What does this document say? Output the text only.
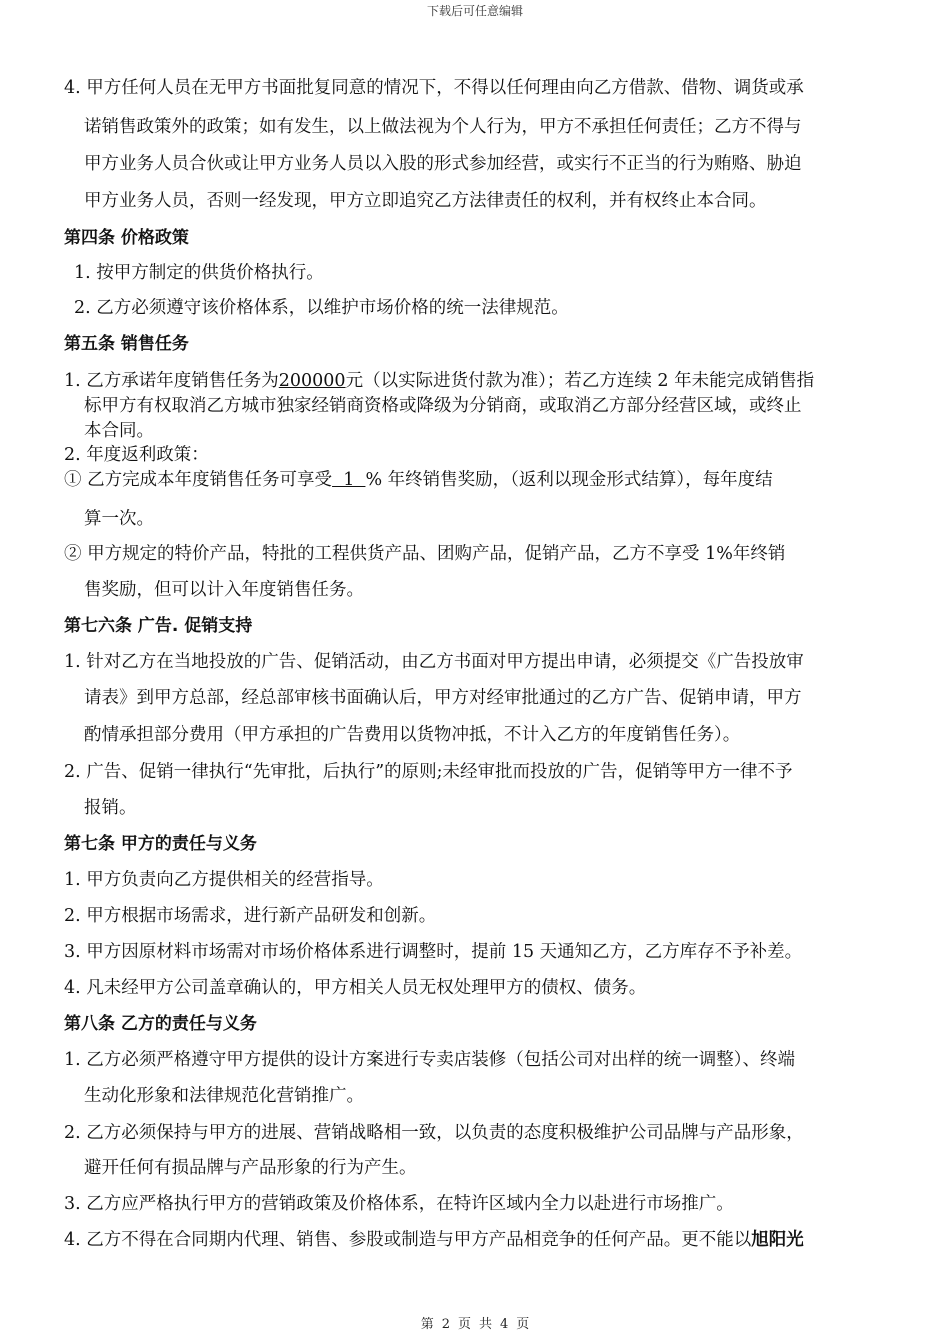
下载后可任意编辑
4. 甲方任何人员在无甲方书面批复同意的情况下，不得以任何理由向乙方借款、借物、调货或承
诺销售政策外的政策；如有发生，以上做法视为个人行为，甲方不承担任何责任；乙方不得与
甲方业务人员合伙或让甲方业务人员以入股的形式参加经营，或实行不正当的行为贿赂、胁迫
甲方业务人员，否则一经发现，甲方立即追究乙方法律责任的权利，并有权终止本合同。
第四条 价格政策
1. 按甲方制定的供货价格执行。
2. 乙方必须遵守该价格体系，以维护市场价格的统一法律规范。
第五条 销售任务
1. 乙方承诺年度销售任务为200000元（以实际进货付款为准）；若乙方连续 2 年未能完成销售指
标甲方有权取消乙方城市独家经销商资格或降级为分销商，或取消乙方部分经营区域，或终止
本合同。
2. 年度返利政策：
① 乙方完成本年度销售任务可享受  1  % 年终销售奖励，（返利以现金形式结算），每年度结
算一次。
② 甲方规定的特价产品，特批的工程供货产品、团购产品，促销产品，乙方不享受 1%年终销
售奖励，但可以计入年度销售任务。
第七六条 广告. 促销支持
1. 针对乙方在当地投放的广告、促销活动，由乙方书面对甲方提出申请，必须提交《广告投放审
请表》到甲方总部，经总部审核书面确认后，甲方对经审批通过的乙方广告、促销申请，甲方
酌情承担部分费用（甲方承担的广告费用以货物冲抵，不计入乙方的年度销售任务）。
2. 广告、促销一律执行“先审批，后执行”的原则;未经审批而投放的广告，促销等甲方一律不予
报销。
第七条 甲方的责任与义务
1. 甲方负责向乙方提供相关的经营指导。
2. 甲方根据市场需求，进行新产品研发和创新。
3. 甲方因原材料市场需对市场价格体系进行调整时，提前 15 天通知乙方，乙方库存不予补差。
4. 凡未经甲方公司盖章确认的，甲方相关人员无权处理甲方的债权、债务。
第八条 乙方的责任与义务
1. 乙方必须严格遵守甲方提供的设计方案进行专卖店装修（包括公司对出样的统一调整）、终端
生动化形象和法律规范化营销推广。
2. 乙方必须保持与甲方的进展、营销战略相一致，以负责的态度积极维护公司品牌与产品形象，
避开任何有损品牌与产品形象的行为产生。
3. 乙方应严格执行甲方的营销政策及价格体系，在特许区域内全力以赴进行市场推广。
4. 乙方不得在合同期内代理、销售、参股或制造与甲方产品相竞争的任何产品。更不能以旭阳光
第 2 页 共 4 页
